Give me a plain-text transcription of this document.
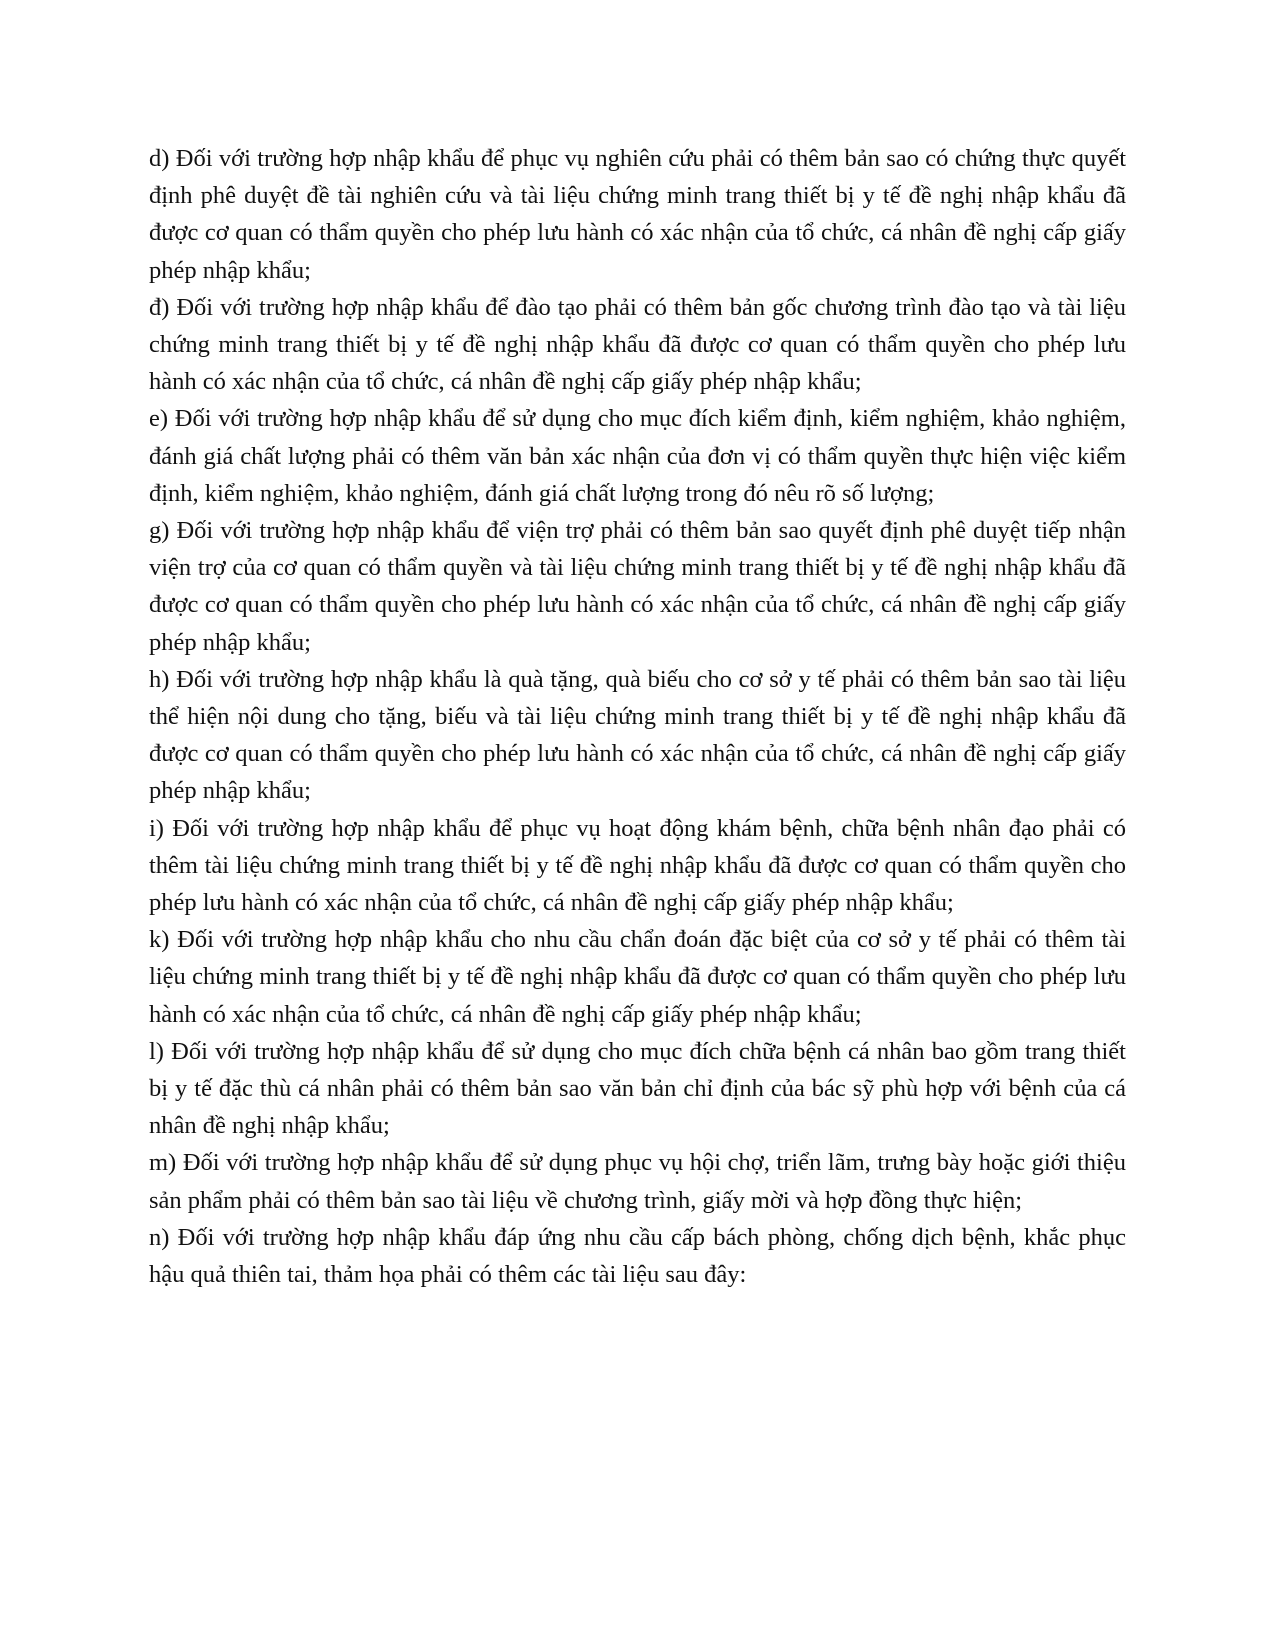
d) Đối với trường hợp nhập khẩu để phục vụ nghiên cứu phải có thêm bản sao có chứng thực quyết định phê duyệt đề tài nghiên cứu và tài liệu chứng minh trang thiết bị y tế đề nghị nhập khẩu đã được cơ quan có thẩm quyền cho phép lưu hành có xác nhận của tổ chức, cá nhân đề nghị cấp giấy phép nhập khẩu;

đ) Đối với trường hợp nhập khẩu để đào tạo phải có thêm bản gốc chương trình đào tạo và tài liệu chứng minh trang thiết bị y tế đề nghị nhập khẩu đã được cơ quan có thẩm quyền cho phép lưu hành có xác nhận của tổ chức, cá nhân đề nghị cấp giấy phép nhập khẩu;

e) Đối với trường hợp nhập khẩu để sử dụng cho mục đích kiểm định, kiểm nghiệm, khảo nghiệm, đánh giá chất lượng phải có thêm văn bản xác nhận của đơn vị có thẩm quyền thực hiện việc kiểm định, kiểm nghiệm, khảo nghiệm, đánh giá chất lượng trong đó nêu rõ số lượng;

g) Đối với trường hợp nhập khẩu để viện trợ phải có thêm bản sao quyết định phê duyệt tiếp nhận viện trợ của cơ quan có thẩm quyền và tài liệu chứng minh trang thiết bị y tế đề nghị nhập khẩu đã được cơ quan có thẩm quyền cho phép lưu hành có xác nhận của tổ chức, cá nhân đề nghị cấp giấy phép nhập khẩu;

h) Đối với trường hợp nhập khẩu là quà tặng, quà biếu cho cơ sở y tế phải có thêm bản sao tài liệu thể hiện nội dung cho tặng, biếu và tài liệu chứng minh trang thiết bị y tế đề nghị nhập khẩu đã được cơ quan có thẩm quyền cho phép lưu hành có xác nhận của tổ chức, cá nhân đề nghị cấp giấy phép nhập khẩu;

i) Đối với trường hợp nhập khẩu để phục vụ hoạt động khám bệnh, chữa bệnh nhân đạo phải có thêm tài liệu chứng minh trang thiết bị y tế đề nghị nhập khẩu đã được cơ quan có thẩm quyền cho phép lưu hành có xác nhận của tổ chức, cá nhân đề nghị cấp giấy phép nhập khẩu;

k) Đối với trường hợp nhập khẩu cho nhu cầu chẩn đoán đặc biệt của cơ sở y tế phải có thêm tài liệu chứng minh trang thiết bị y tế đề nghị nhập khẩu đã được cơ quan có thẩm quyền cho phép lưu hành có xác nhận của tổ chức, cá nhân đề nghị cấp giấy phép nhập khẩu;

l) Đối với trường hợp nhập khẩu để sử dụng cho mục đích chữa bệnh cá nhân bao gồm trang thiết bị y tế đặc thù cá nhân phải có thêm bản sao văn bản chỉ định của bác sỹ phù hợp với bệnh của cá nhân đề nghị nhập khẩu;

m) Đối với trường hợp nhập khẩu để sử dụng phục vụ hội chợ, triển lãm, trưng bày hoặc giới thiệu sản phẩm phải có thêm bản sao tài liệu về chương trình, giấy mời và hợp đồng thực hiện;

n) Đối với trường hợp nhập khẩu đáp ứng nhu cầu cấp bách phòng, chống dịch bệnh, khắc phục hậu quả thiên tai, thảm họa phải có thêm các tài liệu sau đây:
